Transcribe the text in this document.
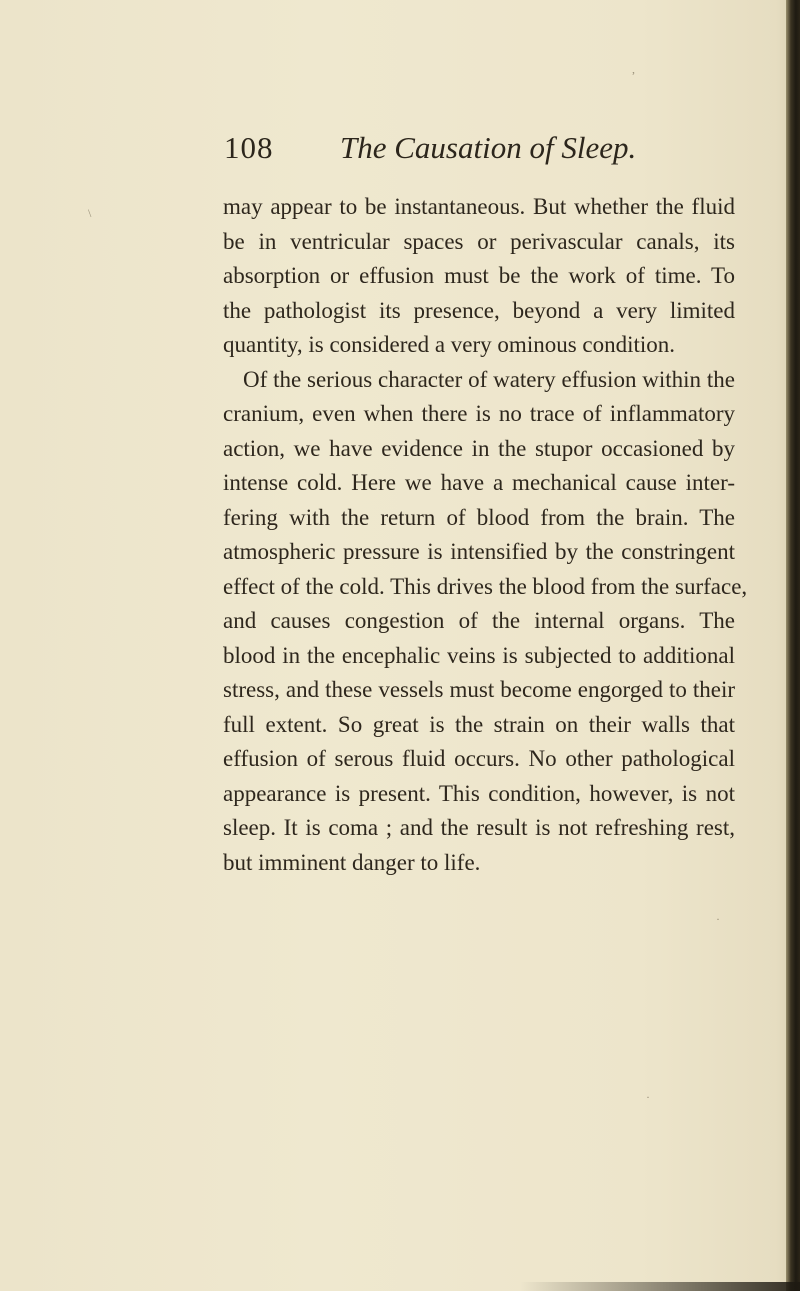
108 The Causation of Sleep.
may appear to be instantaneous. But whether the fluid
be in ventricular spaces or perivascular canals, its
absorption or effusion must be the work of time. To
the pathologist its presence, beyond a very limited
quantity, is considered a very ominous condition.
Of the serious character of watery effusion within the
cranium, even when there is no trace of inflammatory
action, we have evidence in the stupor occasioned by
intense cold. Here we have a mechanical cause inter-
fering with the return of blood from the brain. The
atmospheric pressure is intensified by the constringent
effect of the cold. This drives the blood from the surface,
and causes congestion of the internal organs. The
blood in the encephalic veins is subjected to additional
stress, and these vessels must become engorged to their
full extent. So great is the strain on their walls that
effusion of serous fluid occurs. No other pathological
appearance is present. This condition, however, is not
sleep. It is coma ; and the result is not refreshing rest,
but imminent danger to life.
,
\
·
·
